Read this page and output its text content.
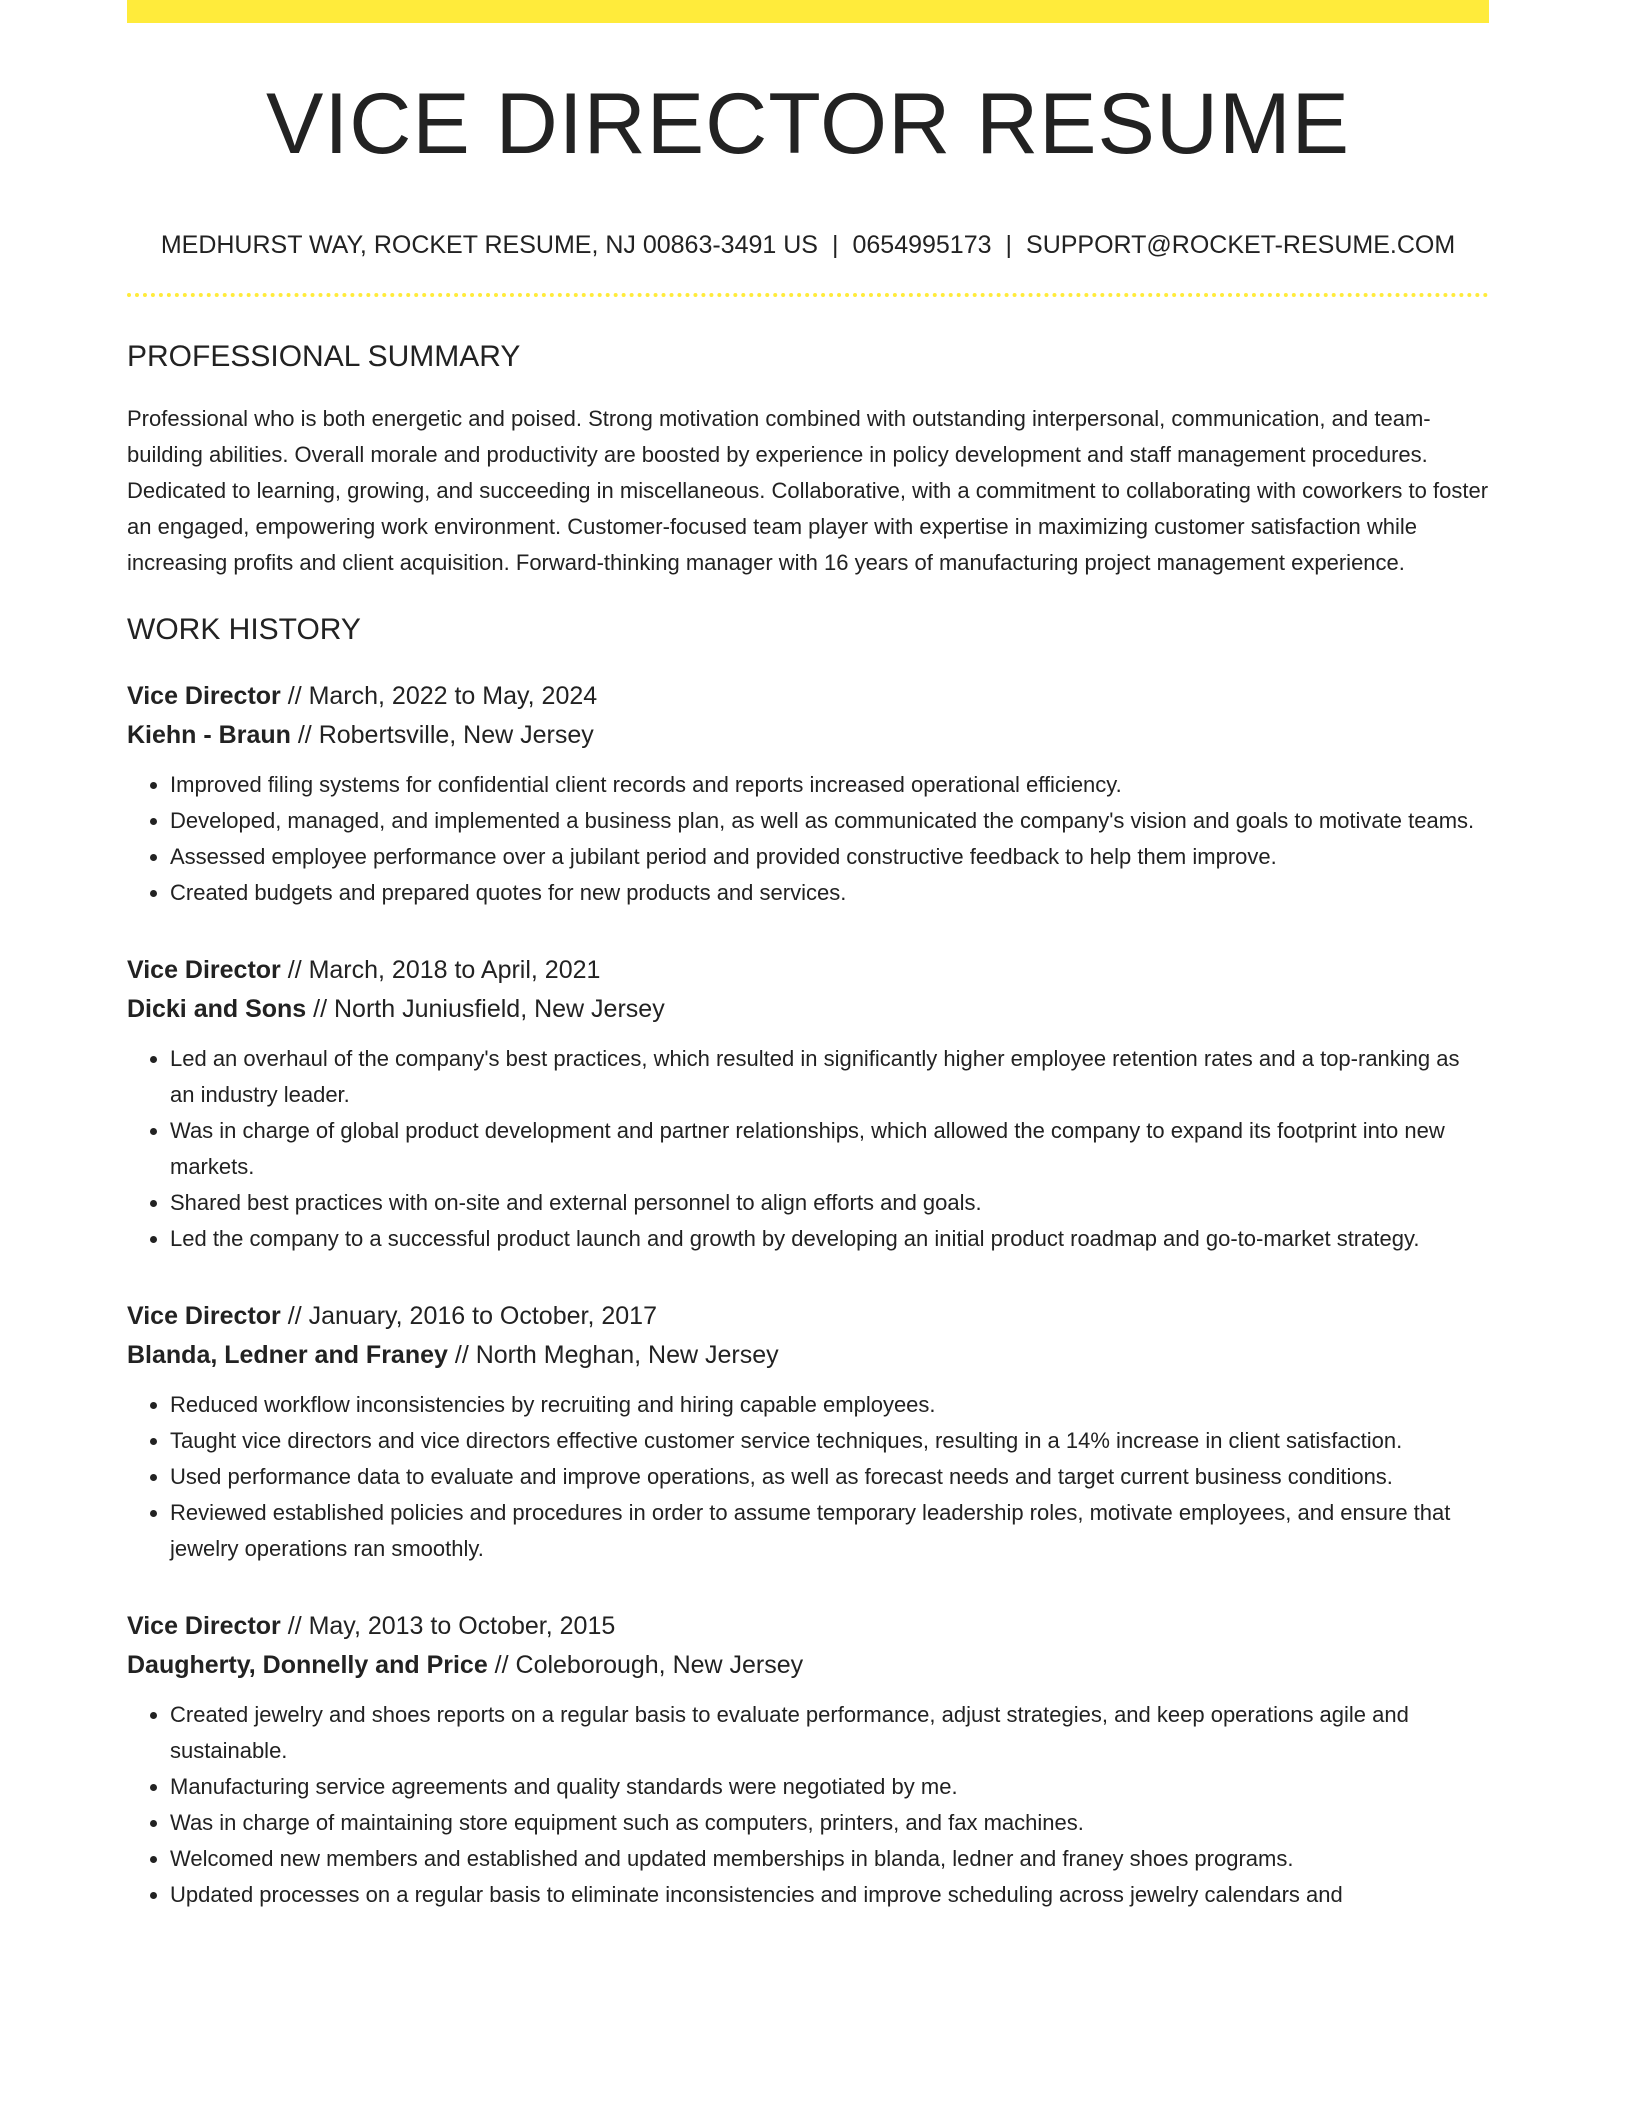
VICE DIRECTOR RESUME
MEDHURST WAY, ROCKET RESUME, NJ 00863-3491 US | 0654995173 | SUPPORT@ROCKET-RESUME.COM
PROFESSIONAL SUMMARY

Professional who is both energetic and poised. Strong motivation combined with outstanding interpersonal, communication, and team-building abilities. Overall morale and productivity are boosted by experience in policy development and staff management procedures. Dedicated to learning, growing, and succeeding in miscellaneous. Collaborative, with a commitment to collaborating with coworkers to foster an engaged, empowering work environment. Customer-focused team player with expertise in maximizing customer satisfaction while increasing profits and client acquisition. Forward-thinking manager with 16 years of manufacturing project management experience.

WORK HISTORY
Vice Director // March, 2022 to May, 2024
Kiehn - Braun // Robertsville, New Jersey
• Improved filing systems for confidential client records and reports increased operational efficiency.
• Developed, managed, and implemented a business plan, as well as communicated the company's vision and goals to motivate teams.
• Assessed employee performance over a jubilant period and provided constructive feedback to help them improve.
• Created budgets and prepared quotes for new products and services.
Vice Director // March, 2018 to April, 2021
Dicki and Sons // North Juniusfield, New Jersey
• Led an overhaul of the company's best practices, which resulted in significantly higher employee retention rates and a top-ranking as an industry leader.
• Was in charge of global product development and partner relationships, which allowed the company to expand its footprint into new markets.
• Shared best practices with on-site and external personnel to align efforts and goals.
• Led the company to a successful product launch and growth by developing an initial product roadmap and go-to-market strategy.
Vice Director // January, 2016 to October, 2017
Blanda, Ledner and Franey // North Meghan, New Jersey
• Reduced workflow inconsistencies by recruiting and hiring capable employees.
• Taught vice directors and vice directors effective customer service techniques, resulting in a 14% increase in client satisfaction.
• Used performance data to evaluate and improve operations, as well as forecast needs and target current business conditions.
• Reviewed established policies and procedures in order to assume temporary leadership roles, motivate employees, and ensure that jewelry operations ran smoothly.
Vice Director // May, 2013 to October, 2015
Daugherty, Donnelly and Price // Coleborough, New Jersey
• Created jewelry and shoes reports on a regular basis to evaluate performance, adjust strategies, and keep operations agile and sustainable.
• Manufacturing service agreements and quality standards were negotiated by me.
• Was in charge of maintaining store equipment such as computers, printers, and fax machines.
• Welcomed new members and established and updated memberships in blanda, ledner and franey shoes programs.
• Updated processes on a regular basis to eliminate inconsistencies and improve scheduling across jewelry calendars and
